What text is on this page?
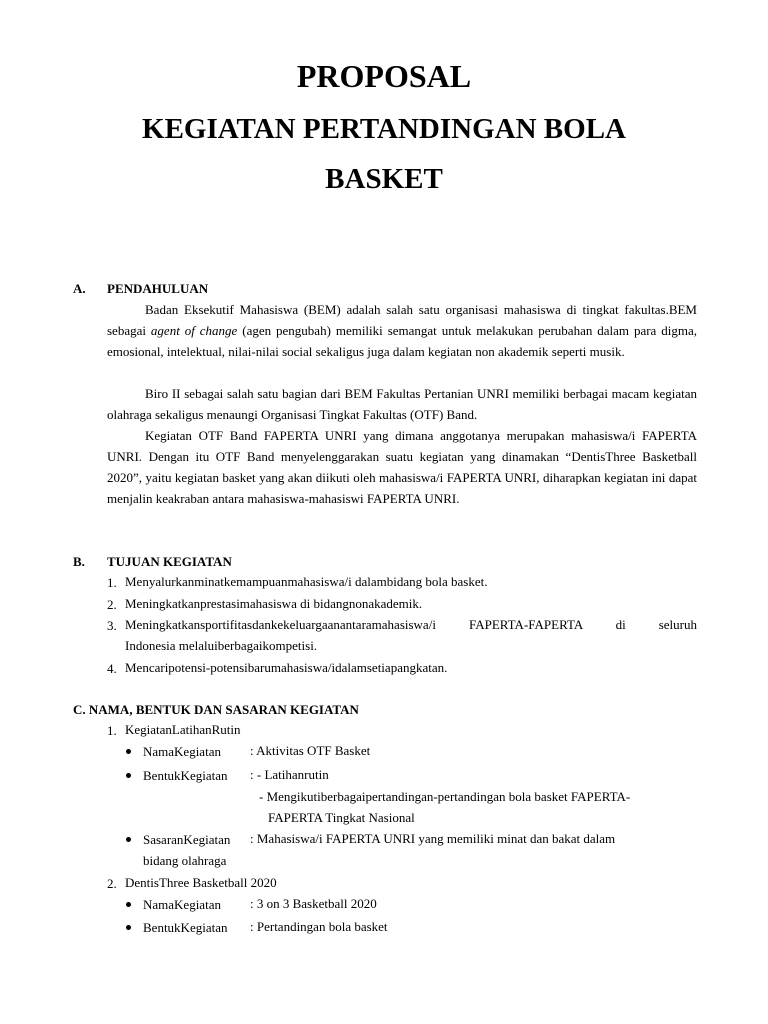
PROPOSAL
KEGIATAN PERTANDINGAN BOLA
BASKET
A. PENDAHULUAN

Badan Eksekutif Mahasiswa (BEM) adalah salah satu organisasi mahasiswa di tingkat fakultas.BEM sebagai agent of change (agen pengubah) memiliki semangat untuk melakukan perubahan dalam para digma, emosional, intelektual, nilai-nilai social sekaligus juga dalam kegiatan non akademik seperti musik.

Biro II sebagai salah satu bagian dari BEM Fakultas Pertanian UNRI memiliki berbagai macam kegiatan olahraga sekaligus menaungi Organisasi Tingkat Fakultas (OTF) Band.

Kegiatan OTF Band FAPERTA UNRI yang dimana anggotanya merupakan mahasiswa/i FAPERTA UNRI. Dengan itu OTF Band menyelenggarakan suatu kegiatan yang dinamakan “DentisThree Basketball 2020”, yaitu kegiatan basket yang akan diikuti oleh mahasiswa/i FAPERTA UNRI, diharapkan kegiatan ini dapat menjalin keakraban antara mahasiswa-mahasiswi FAPERTA UNRI.

B. TUJUAN KEGIATAN
1. Menyalurkanminatkemampuanmahasiswa/i dalambidang bola basket.
2. Meningkatkanprestasimahasiswa di bidangnonakademik.
3. Meningkatkansportifitasdankekeluargaanantaramahasiswa/i FAPERTA-FAPERTA di seluruh
Indonesia melaluiberbagaikompetisi.
4. Mencaripotensi-potensibarumahasiswa/idalamsetiapangkatan.
C. NAMA, BENTUK DAN SASARAN KEGIATAN
1. KegiatanLatihanRutin
NamaKegiatan : Aktivitas OTF Basket
BentukKegiatan : - Latihanrutin
- Mengikutiberbagaipertandingan-pertandingan bola basket FAPERTA-
FAPERTA Tingkat Nasional
SasaranKegiatan : Mahasiswa/i FAPERTA UNRI yang memiliki minat dan bakat dalam
bidang olahraga
2. DentisThree Basketball 2020
NamaKegiatan : 3 on 3 Basketball 2020
BentukKegiatan : Pertandingan bola basket
